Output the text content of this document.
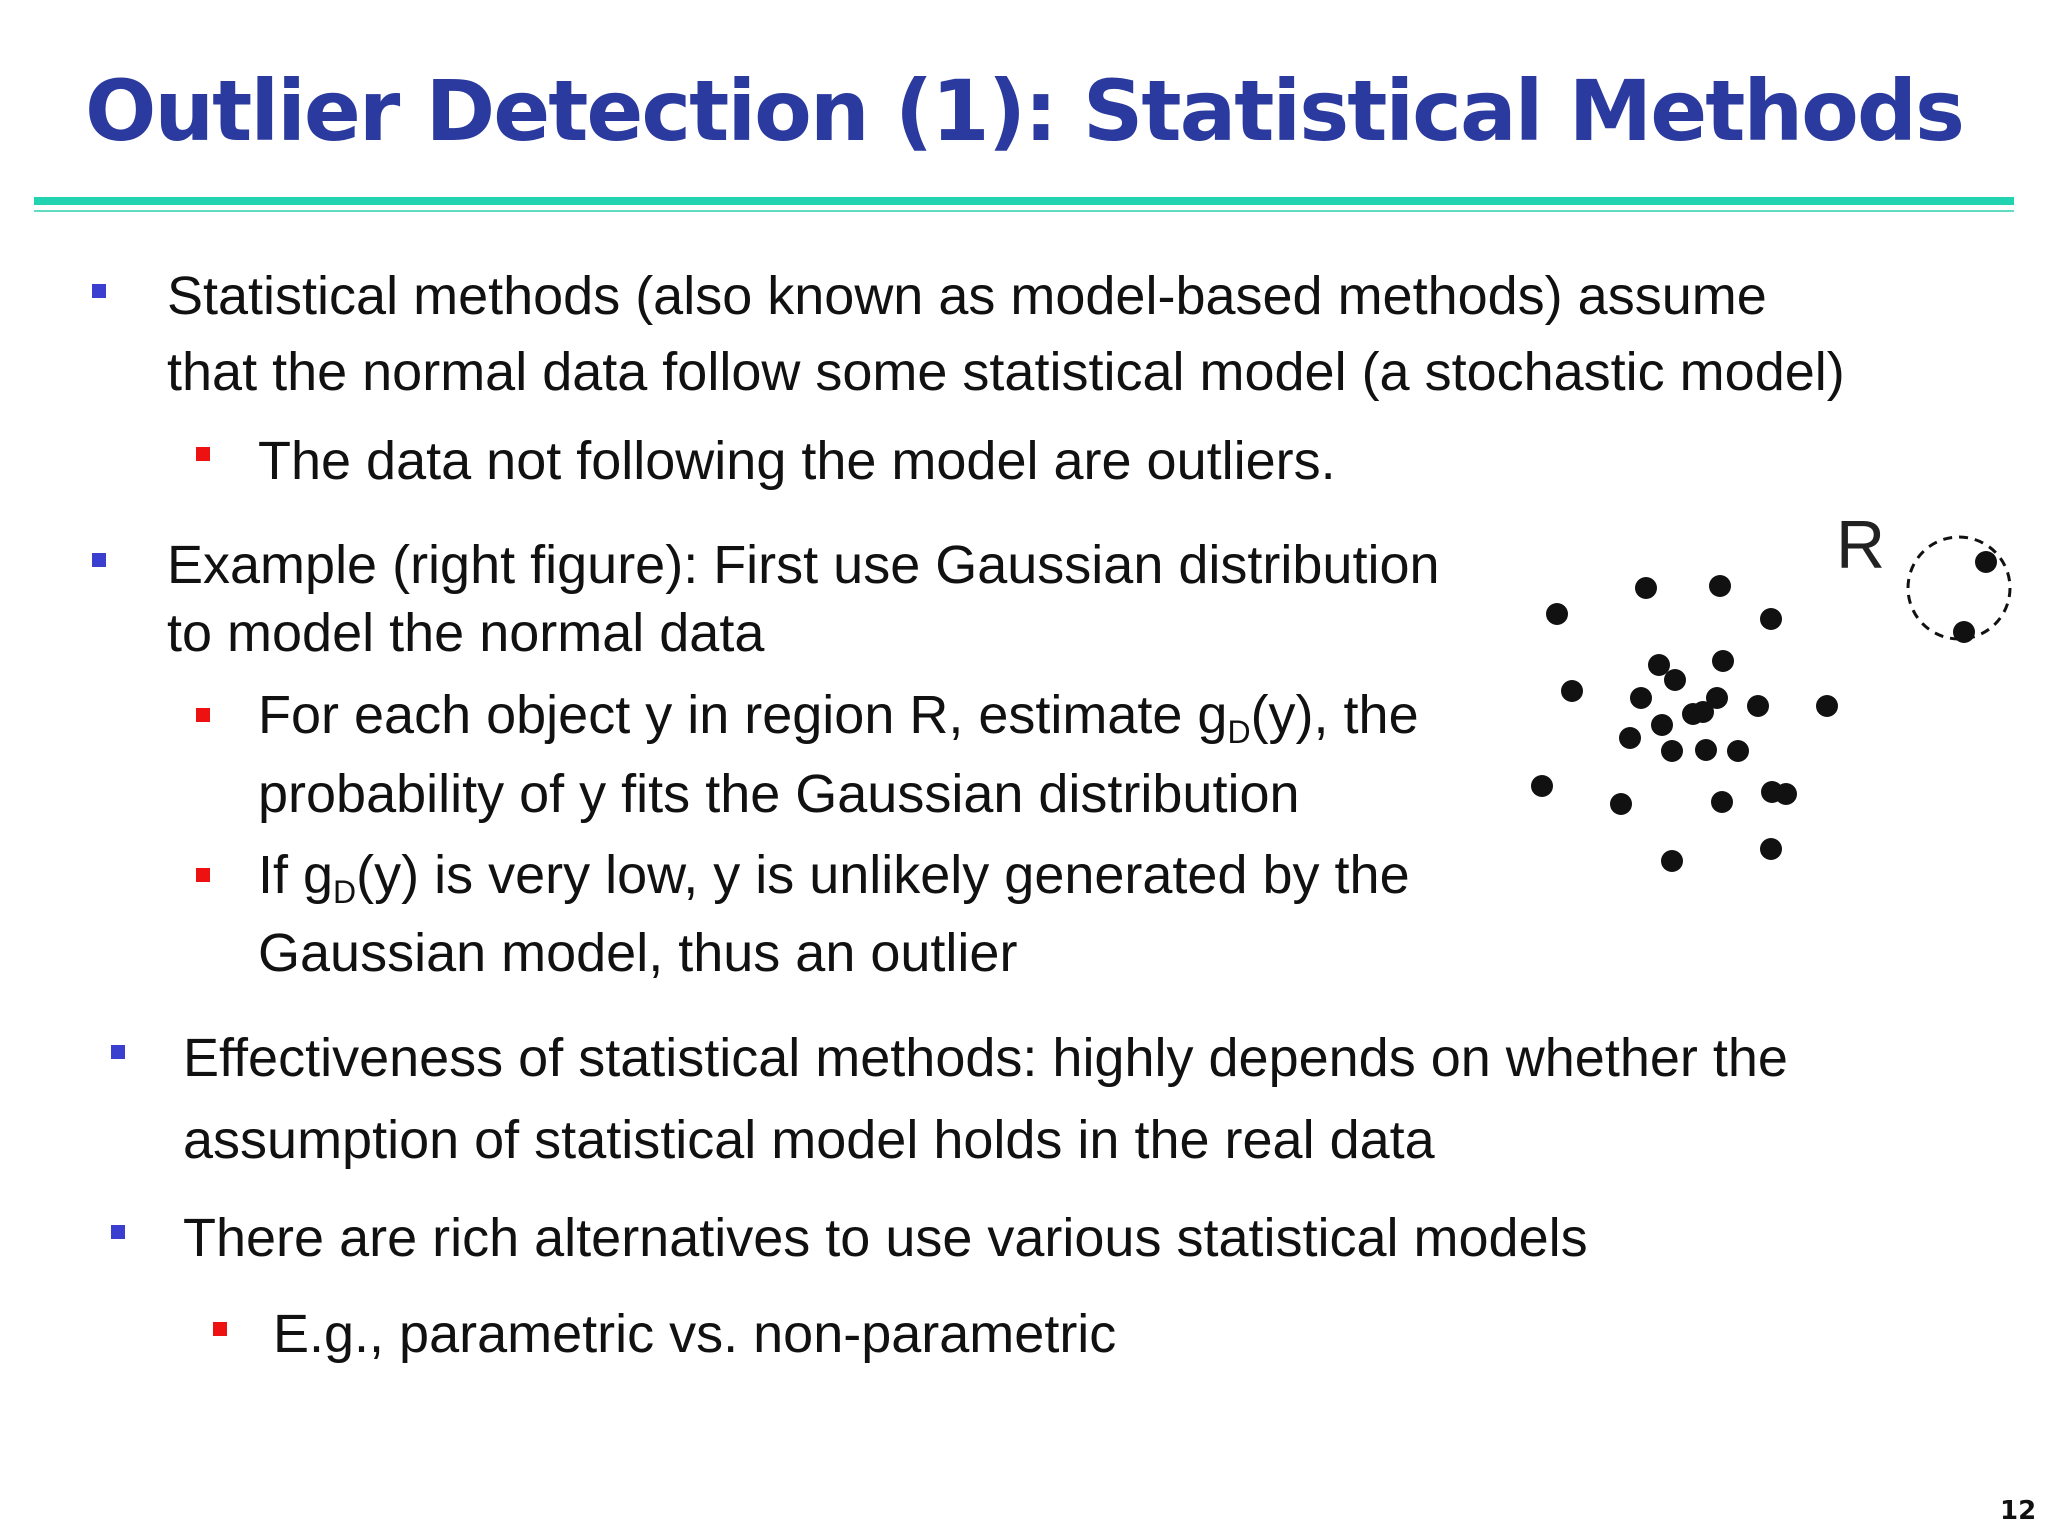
Outlier Detection (1): Statistical Methods
Statistical methods (also known as model-based methods) assume
that the normal data follow some statistical model (a stochastic model)
The data not following the model are outliers.
Example (right figure): First use Gaussian distribution
to model the normal data
For each object y in region R, estimate $g_D(y)$, the
probability of y fits the Gaussian distribution
If $g_D(y)$ is very low, y is unlikely generated by the
Gaussian model, thus an outlier
Effectiveness of statistical methods: highly depends on whether the
assumption of statistical model holds in the real data
There are rich alternatives to use various statistical models
E.g., parametric vs. non-parametric
R
12
